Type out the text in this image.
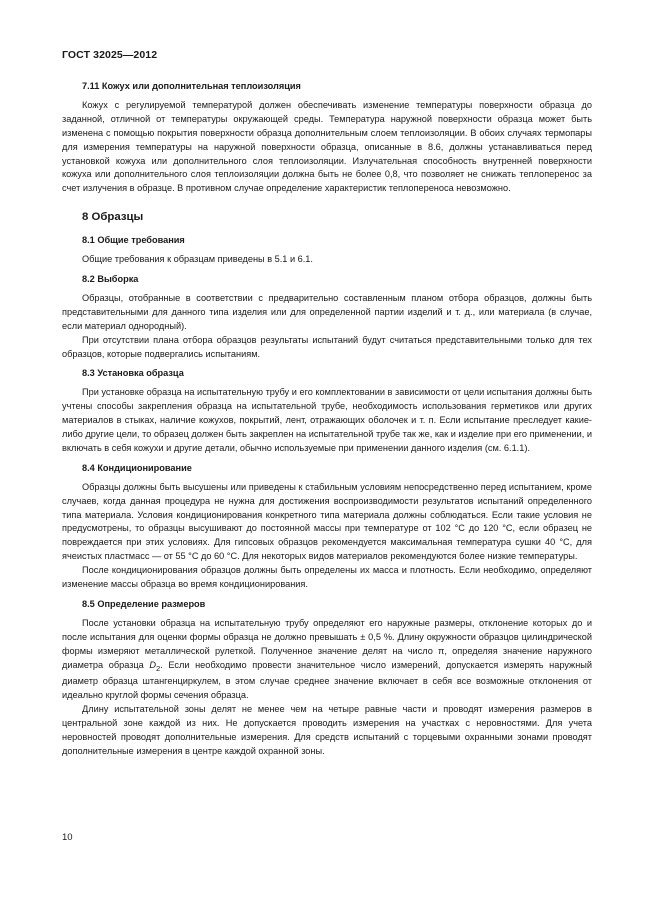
ГОСТ 32025—2012
7.11 Кожух или дополнительная теплоизоляция

Кожух с регулируемой температурой должен обеспечивать изменение температуры поверхности образца до заданной, отличной от температуры окружающей среды. Температура наружной поверхности образца может быть изменена с помощью покрытия поверхности образца дополнительным слоем теплоизоляции. В обоих случаях термопары для измерения температуры на наружной поверхности образца, описанные в 8.6, должны устанавливаться перед установкой кожуха или дополнительного слоя теплоизоляции. Излучательная способность внутренней поверхности кожуха или дополнительного слоя теплоизоляции должна быть не более 0,8, что позволяет не снижать теплоперенос за счет излучения в образце. В противном случае определение характеристик теплопереноса невозможно.

8 Образцы
8.1 Общие требования

Общие требования к образцам приведены в 5.1 и 6.1.

8.2 Выборка

Образцы, отобранные в соответствии с предварительно составленным планом отбора образцов, должны быть представительными для данного типа изделия или для определенной партии изделий и т. д., или материала (в случае, если материал однородный).

При отсутствии плана отбора образцов результаты испытаний будут считаться представительными только для тех образцов, которые подвергались испытаниям.

8.3 Установка образца

При установке образца на испытательную трубу и его комплектовании в зависимости от цели испытания должны быть учтены способы закрепления образца на испытательной трубе, необходимость использования герметиков или других материалов в стыках, наличие кожухов, покрытий, лент, отражающих оболочек и т. п. Если испытание преследует какие-либо другие цели, то образец должен быть закреплен на испытательной трубе так же, как и изделие при его применении, и включать в себя кожухи и другие детали, обычно используемые при применении данного изделия (см. 6.1.1).

8.4 Кондиционирование

Образцы должны быть высушены или приведены к стабильным условиям непосредственно перед испытанием, кроме случаев, когда данная процедура не нужна для достижения воспроизводимости результатов испытаний определенного типа материала. Условия кондиционирования конкретного типа материала должны соблюдаться. Если такие условия не предусмотрены, то образцы высушивают до постоянной массы при температуре от 102 °С до 120 °С, если образец не повреждается при этих условиях. Для гипсовых образцов рекомендуется максимальная температура сушки 40 °С, для ячеистых пластмасс — от 55 °С до 60 °С. Для некоторых видов материалов рекомендуются более низкие температуры.

После кондиционирования образцов должны быть определены их масса и плотность. Если необходимо, определяют изменение массы образца во время кондиционирования.

8.5 Определение размеров

После установки образца на испытательную трубу определяют его наружные размеры, отклонение которых до и после испытания для оценки формы образца не должно превышать ± 0,5 %. Длину окружности образцов цилиндрической формы измеряют металлической рулеткой. Полученное значение делят на число π, определяя значение наружного диаметра образца $D_2$. Если необходимо провести значительное число измерений, допускается измерять наружный диаметр образца штангенциркулем, в этом случае среднее значение включает в себя все возможные отклонения от идеально круглой формы сечения образца.

Длину испытательной зоны делят не менее чем на четыре равные части и проводят измерения размеров в центральной зоне каждой из них. Не допускается проводить измерения на участках с неровностями. Для учета неровностей проводят дополнительные измерения. Для средств испытаний с торцевыми охранными зонами проводят дополнительные измерения в центре каждой охранной зоны.

10
